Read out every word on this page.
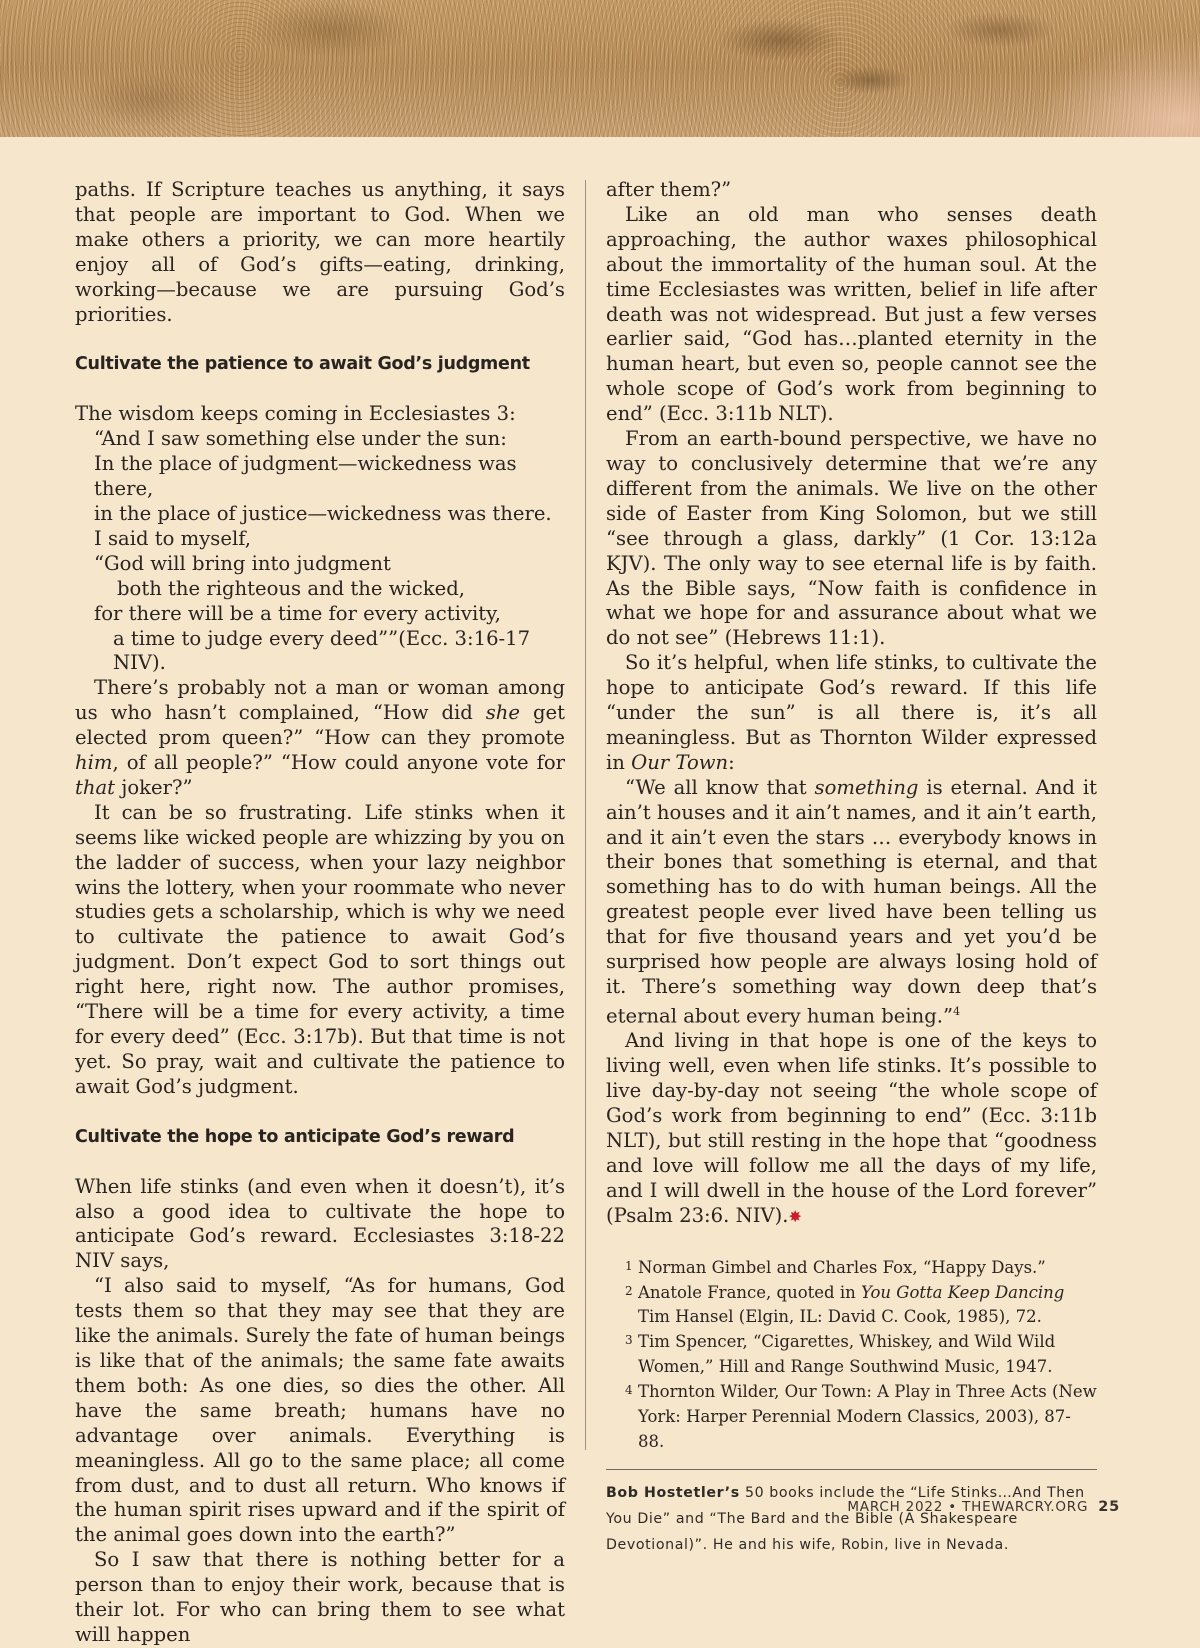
paths. If Scripture teaches us anything, it says that people are important to God. When we make others a priority, we can more heartily enjoy all of God’s gifts—eating, drinking, working—because we are pursuing God’s priorities.

Cultivate the patience to await God’s judgment

The wisdom keeps coming in Ecclesiastes 3:

“And I saw something else under the sun:

In the place of judgment—wickedness was there,

in the place of justice—wickedness was there.

I said to myself,

“God will bring into judgment

both the righteous and the wicked,

for there will be a time for every activity,

a time to judge every deed””(Ecc. 3:16-17 NIV).

There’s probably not a man or woman among us who hasn’t complained, “How did she get elected prom queen?” “How can they promote him, of all people?” “How could anyone vote for that joker?”

It can be so frustrating. Life stinks when it seems like wicked people are whizzing by you on the ladder of success, when your lazy neighbor wins the lottery, when your roommate who never studies gets a scholarship, which is why we need to cultivate the patience to await God’s judgment. Don’t expect God to sort things out right here, right now. The author promises, “There will be a time for every activity, a time for every deed” (Ecc. 3:17b). But that time is not yet. So pray, wait and cultivate the patience to await God’s judgment.

Cultivate the hope to anticipate God’s reward

When life stinks (and even when it doesn’t), it’s also a good idea to cultivate the hope to anticipate God’s reward. Ecclesiastes 3:18-22 NIV says,

“I also said to myself, “As for humans, God tests them so that they may see that they are like the animals. Surely the fate of human beings is like that of the animals; the same fate awaits them both: As one dies, so dies the other. All have the same breath; humans have no advantage over animals. Everything is meaningless. All go to the same place; all come from dust, and to dust all return. Who knows if the human spirit rises upward and if the spirit of the animal goes down into the earth?”

So I saw that there is nothing better for a person than to enjoy their work, because that is their lot. For who can bring them to see what will happen

after them?”

Like an old man who senses death approaching, the author waxes philosophical about the immortality of the human soul. At the time Ecclesiastes was written, belief in life after death was not widespread. But just a few verses earlier said, “God has…planted eternity in the human heart, but even so, people cannot see the whole scope of God’s work from beginning to end” (Ecc. 3:11b NLT).

From an earth-bound perspective, we have no way to conclusively determine that we’re any different from the animals. We live on the other side of Easter from King Solomon, but we still “see through a glass, darkly” (1 Cor. 13:12a KJV). The only way to see eternal life is by faith. As the Bible says, “Now faith is confidence in what we hope for and assurance about what we do not see” (Hebrews 11:1).

So it’s helpful, when life stinks, to cultivate the hope to anticipate God’s reward. If this life “under the sun” is all there is, it’s all meaningless. But as Thornton Wilder expressed in Our Town:

“We all know that something is eternal. And it ain’t houses and it ain’t names, and it ain’t earth, and it ain’t even the stars … everybody knows in their bones that something is eternal, and that something has to do with human beings. All the greatest people ever lived have been telling us that for five thousand years and yet you’d be surprised how people are always losing hold of it. There’s something way down deep that’s eternal about every human being.”$^4$

And living in that hope is one of the keys to living well, even when life stinks. It’s possible to live day-by-day not seeing “the whole scope of God’s work from beginning to end” (Ecc. 3:11b NLT), but still resting in the hope that “goodness and love will follow me all the days of my life, and I will dwell in the house of the Lord forever” (Psalm 23:6. NIV).✸

1 Norman Gimbel and Charles Fox, “Happy Days.”
2 Anatole France, quoted in You Gotta Keep Dancing Tim Hansel (Elgin, IL: David C. Cook, 1985), 72.
3 Tim Spencer, “Cigarettes, Whiskey, and Wild Wild Women,” Hill and Range Southwind Music, 1947.
4 Thornton Wilder, Our Town: A Play in Three Acts (New York: Harper Perennial Modern Classics, 2003), 87-88.
Bob Hostetler’s 50 books include the “Life Stinks…And Then You Die” and “The Bard and the Bible (A Shakespeare Devotional)”. He and his wife, Robin, live in Nevada.
MARCH 2022 • THEWARCRY.ORG 25
